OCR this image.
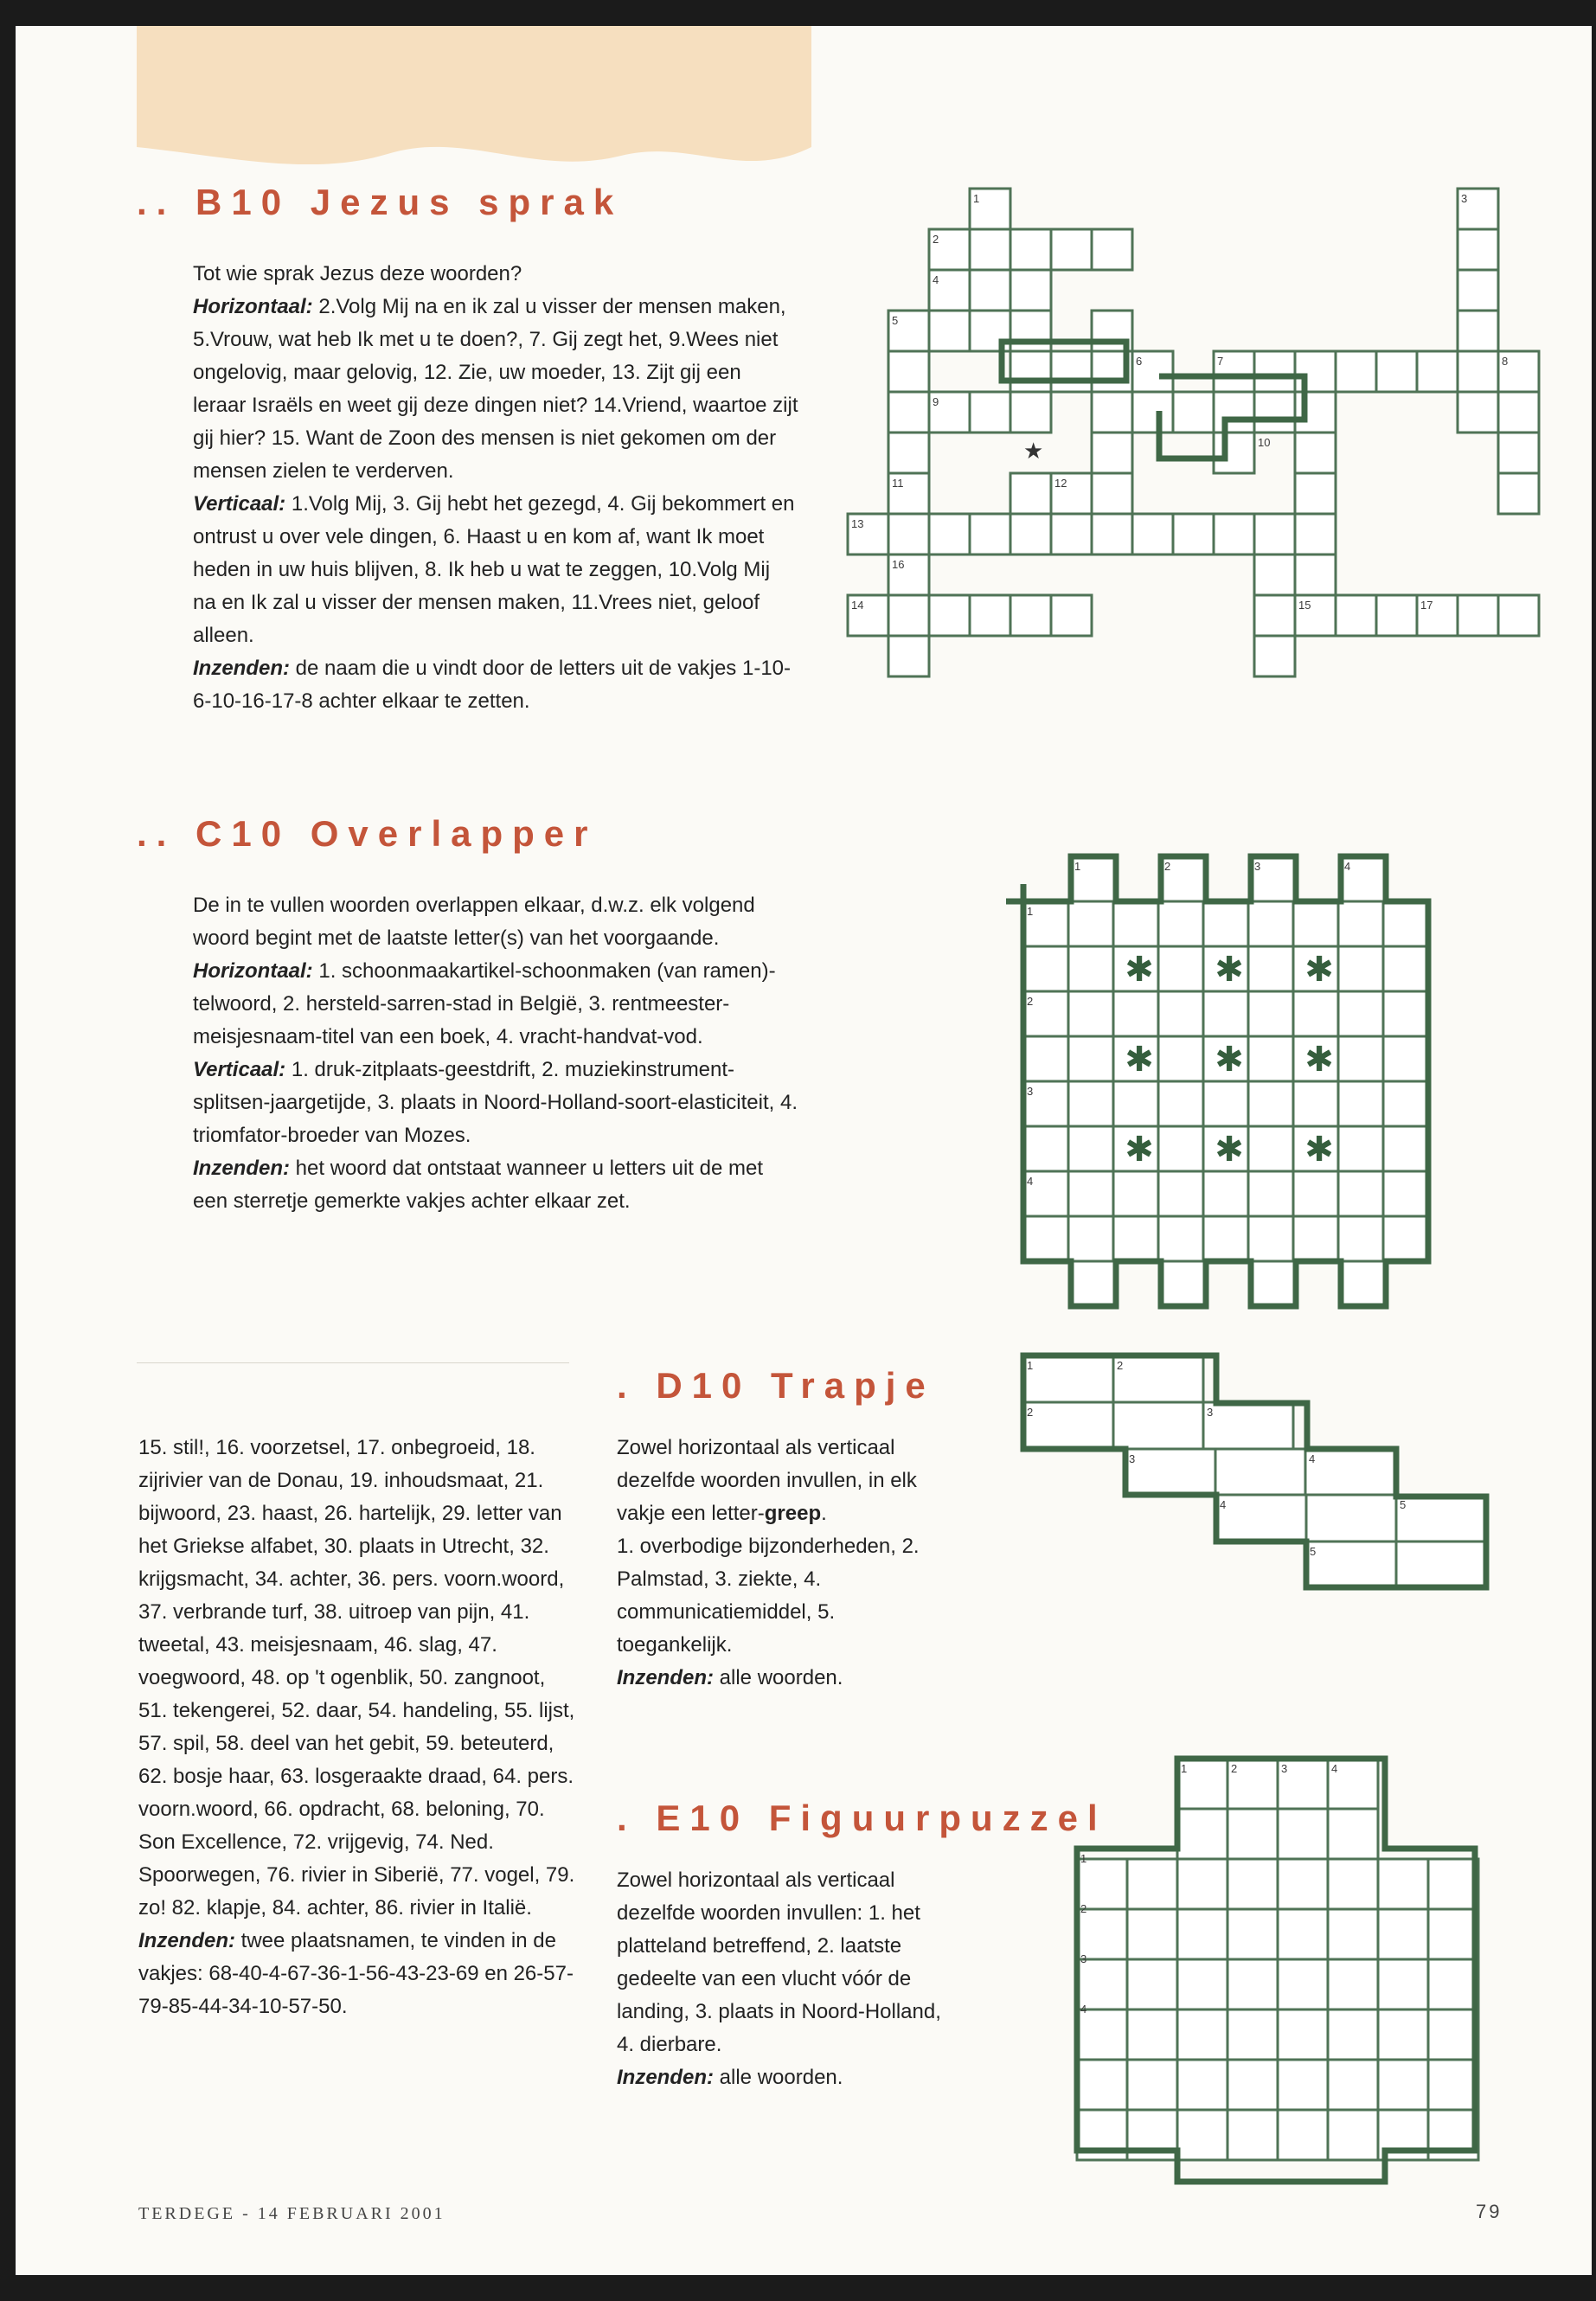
.. B10 Jezus sprak

Tot wie sprak Jezus deze woorden?

Horizontaal: 2.Volg Mij na en ik zal u visser der mensen maken, 5.Vrouw, wat heb Ik met u te doen?, 7. Gij zegt het, 9.Wees niet ongelovig, maar gelovig, 12. Zie, uw moeder, 13. Zijt gij een leraar Israëls en weet gij deze dingen niet? 14.Vriend, waartoe zijt gij hier? 15. Want de Zoon des mensen is niet gekomen om der mensen zielen te verderven.

Verticaal: 1.Volg Mij, 3. Gij hebt het gezegd, 4. Gij bekommert en ontrust u over vele dingen, 6. Haast u en kom af, want Ik moet heden in uw huis blijven, 8. Ik heb u wat te zeggen, 10.Volg Mij na en Ik zal u visser der mensen maken, 11.Vrees niet, geloof alleen.

Inzenden: de naam die u vindt door de letters uit de vakjes 1-10-6-10-16-17-8 achter elkaar te zetten.

1
2
3
4
5
6	7	8
9
10
11	12
13
16
14	15	17
★
.. C10 Overlapper

De in te vullen woorden overlappen elkaar, d.w.z. elk volgend woord begint met de laatste letter(s) van het voorgaande.

Horizontaal: 1. schoonmaakartikel-schoonmaken (van ramen)-telwoord, 2. hersteld-sarren-stad in België, 3. rentmeester-meisjesnaam-titel van een boek, 4. vracht-handvat-vod.

Verticaal: 1. druk-zitplaats-geestdrift, 2. muziekinstrument-splitsen-jaargetijde, 3. plaats in Noord-Holland-soort-elasticiteit, 4. triomfator-broeder van Mozes.

Inzenden: het woord dat ontstaat wanneer u letters uit de met een sterretje gemerkte vakjes achter elkaar zet.

1	2	3	4
1
2
3
4
✱ ✱ ✱
✱ ✱ ✱
✱ ✱ ✱

15. stil!, 16. voorzetsel, 17. onbegroeid, 18. zijrivier van de Donau, 19. inhoudsmaat, 21. bijwoord, 23. haast, 26. hartelijk, 29. letter van het Griekse alfabet, 30. plaats in Utrecht, 32. krijgsmacht, 34. achter, 36. pers. voorn.woord, 37. verbrande turf, 38. uitroep van pijn, 41. tweetal, 43. meisjesnaam, 46. slag, 47. voegwoord, 48. op 't ogenblik, 50. zangnoot, 51. tekengerei, 52. daar, 54. handeling, 55. lijst, 57. spil, 58. deel van het gebit, 59. beteuterd, 62. bosje haar, 63. losgeraakte draad, 64. pers. voorn.woord, 66. opdracht, 68. beloning, 70. Son Excellence, 72. vrijgevig, 74. Ned. Spoorwegen, 76. rivier in Siberië, 77. vogel, 79. zo! 82. klapje, 84. achter, 86. rivier in Italië.

Inzenden: twee plaatsnamen, te vinden in de vakjes: 68-40-4-67-36-1-56-43-23-69 en 26-57-79-85-44-34-10-57-50.

. D10 Trapje

Zowel horizontaal als verticaal dezelfde woorden invullen, in elk vakje een letter-greep.

1. overbodige bijzonderheden, 2. Palmstad, 3. ziekte, 4. communicatiemiddel, 5. toegankelijk.

Inzenden: alle woorden.

1	2
2	3
3	4
4	5
5
. E10 Figuurpuzzel

Zowel horizontaal als verticaal dezelfde woorden invullen: 1. het platteland betreffend, 2. laatste gedeelte van een vlucht vóór de landing, 3. plaats in Noord-Holland, 4. dierbare.

Inzenden: alle woorden.

1	2	3	4
1
2
3
4
TERDEGE - 14 FEBRUARI 2001	79
